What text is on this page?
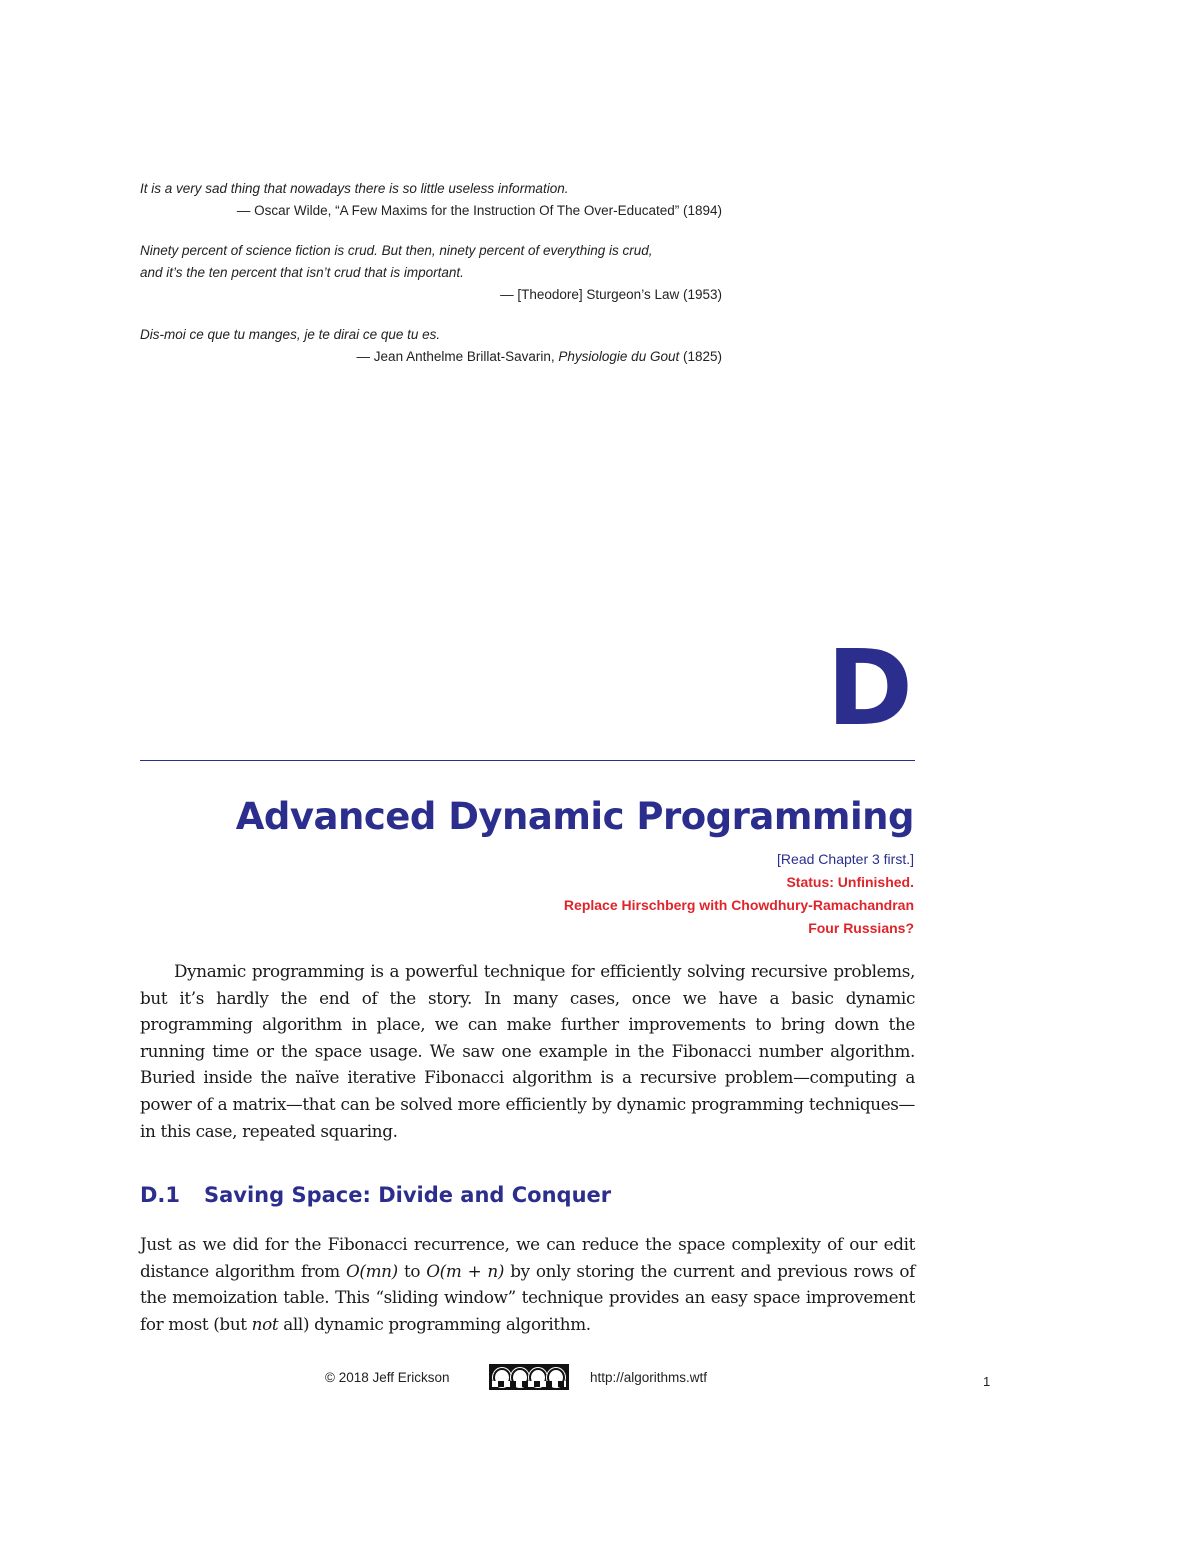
It is a very sad thing that nowadays there is so little useless information.
— Oscar Wilde, “A Few Maxims for the Instruction Of The Over-Educated” (1894)
Ninety percent of science fiction is crud. But then, ninety percent of everything is crud,
and it’s the ten percent that isn’t crud that is important.
— [Theodore] Sturgeon’s Law (1953)
Dis-moi ce que tu manges, je te dirai ce que tu es.
— Jean Anthelme Brillat-Savarin, Physiologie du Gout (1825)
D
Advanced Dynamic Programming
[Read Chapter 3 first.]
Status: Unfinished.
Replace Hirschberg with Chowdhury-Ramachandran
Four Russians?

Dynamic programming is a powerful technique for efficiently solving recursive problems, but it’s hardly the end of the story. In many cases, once we have a basic dynamic programming algorithm in place, we can make further improvements to bring down the running time or the space usage. We saw one example in the Fibonacci number algorithm. Buried inside the naïve iterative Fibonacci algorithm is a recursive problem—computing a power of a matrix—that can be solved more efficiently by dynamic programming techniques—in this case, repeated squaring.

D.1 Saving Space: Divide and Conquer

Just as we did for the Fibonacci recurrence, we can reduce the space complexity of our edit distance algorithm from O(mn) to O(m + n) by only storing the current and previous rows of the memoization table. This “sliding window” technique provides an easy space improvement for most (but not all) dynamic programming algorithm.

© 2018 Jeff Erickson	http://algorithms.wtf	1
